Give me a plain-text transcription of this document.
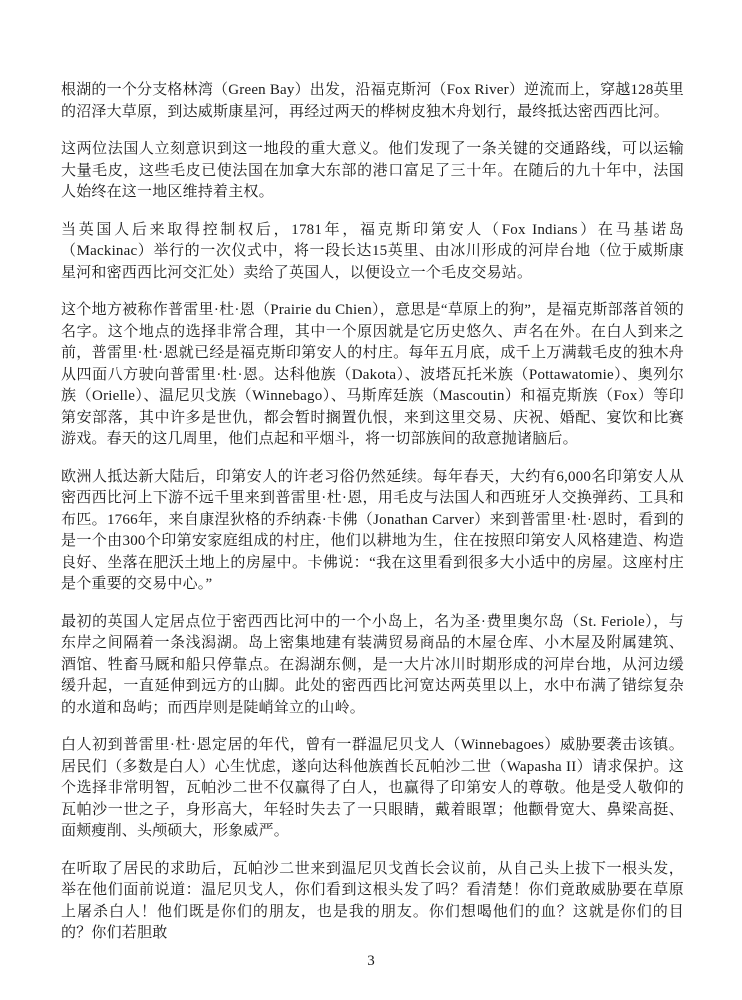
根湖的一个分支格林湾（Green Bay）出发，沿福克斯河（Fox River）逆流而上，穿越128英里的沼泽大草原，到达威斯康星河，再经过两天的桦树皮独木舟划行，最终抵达密西西比河。

这两位法国人立刻意识到这一地段的重大意义。他们发现了一条关键的交通路线，可以运输大量毛皮，这些毛皮已使法国在加拿大东部的港口富足了三十年。在随后的九十年中，法国人始终在这一地区维持着主权。

当英国人后来取得控制权后，1781年，福克斯印第安人（Fox Indians）在马基诺岛（Mackinac）举行的一次仪式中，将一段长达15英里、由冰川形成的河岸台地（位于威斯康星河和密西西比河交汇处）卖给了英国人，以便设立一个毛皮交易站。

这个地方被称作普雷里·杜·恩（Prairie du Chien），意思是“草原上的狗”，是福克斯部落首领的名字。这个地点的选择非常合理，其中一个原因就是它历史悠久、声名在外。在白人到来之前，普雷里·杜·恩就已经是福克斯印第安人的村庄。每年五月底，成千上万满载毛皮的独木舟从四面八方驶向普雷里·杜·恩。达科他族（Dakota）、波塔瓦托米族（Pottawatomie）、奥列尔族（Orielle）、温尼贝戈族（Winnebago）、马斯库廷族（Mascoutin）和福克斯族（Fox）等印第安部落，其中许多是世仇，都会暂时搁置仇恨，来到这里交易、庆祝、婚配、宴饮和比赛游戏。春天的这几周里，他们点起和平烟斗，将一切部族间的敌意抛诸脑后。

欧洲人抵达新大陆后，印第安人的许老习俗仍然延续。每年春天，大约有6,000名印第安人从密西西比河上下游不远千里来到普雷里·杜·恩，用毛皮与法国人和西班牙人交换弹药、工具和布匹。1766年，来自康涅狄格的乔纳森·卡佛（Jonathan Carver）来到普雷里·杜·恩时，看到的是一个由300个印第安家庭组成的村庄，他们以耕地为生，住在按照印第安人风格建造、构造良好、坐落在肥沃土地上的房屋中。卡佛说：“我在这里看到很多大小适中的房屋。这座村庄是个重要的交易中心。”

最初的英国人定居点位于密西西比河中的一个小岛上，名为圣·费里奥尔岛（St. Feriole），与东岸之间隔着一条浅潟湖。岛上密集地建有装满贸易商品的木屋仓库、小木屋及附属建筑、酒馆、牲畜马厩和船只停靠点。在潟湖东侧，是一大片冰川时期形成的河岸台地，从河边缓缓升起，一直延伸到远方的山脚。此处的密西西比河宽达两英里以上，水中布满了错综复杂的水道和岛屿；而西岸则是陡峭耸立的山岭。

白人初到普雷里·杜·恩定居的年代，曾有一群温尼贝戈人（Winnebagoes）威胁要袭击该镇。居民们（多数是白人）心生忧虑，遂向达科他族酋长瓦帕沙二世（Wapasha II）请求保护。这个选择非常明智，瓦帕沙二世不仅赢得了白人，也赢得了印第安人的尊敬。他是受人敬仰的瓦帕沙一世之子，身形高大，年轻时失去了一只眼睛，戴着眼罩；他颧骨宽大、鼻梁高挺、面颊瘦削、头颅硕大，形象威严。

在听取了居民的求助后，瓦帕沙二世来到温尼贝戈酋长会议前，从自己头上拔下一根头发，举在他们面前说道：温尼贝戈人，你们看到这根头发了吗？看清楚！你们竟敢威胁要在草原上屠杀白人！他们既是你们的朋友，也是我的朋友。你们想喝他们的血？这就是你们的目的？你们若胆敢

3
